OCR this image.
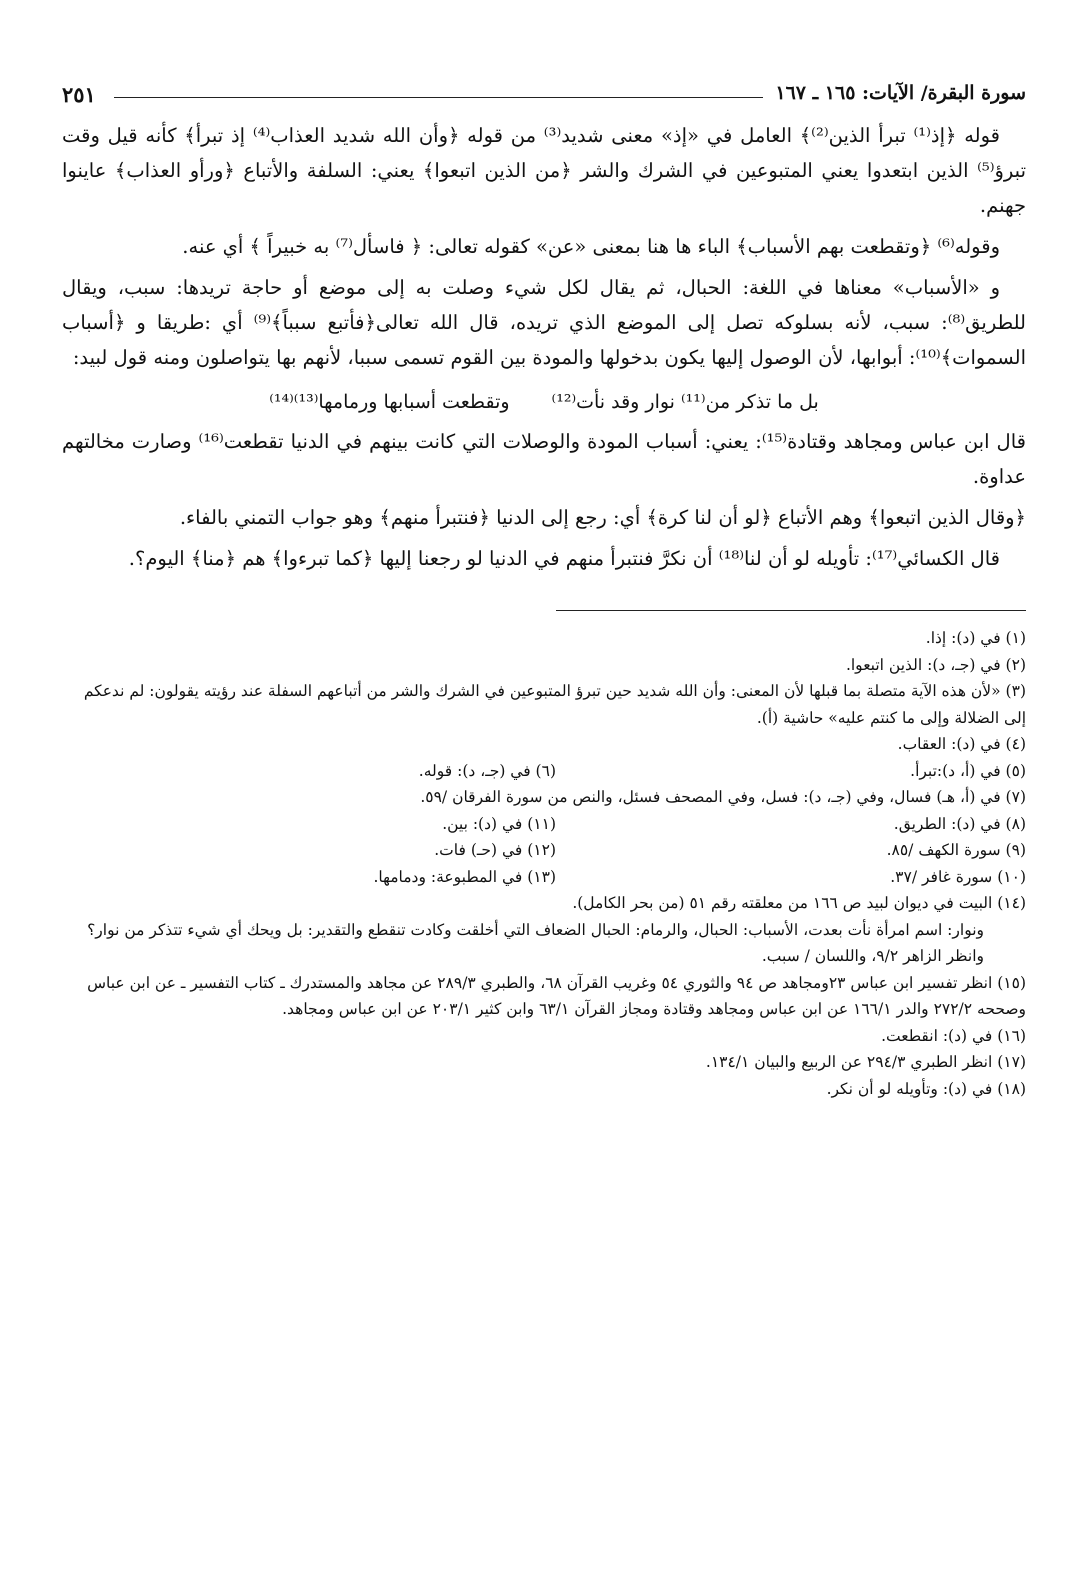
سورة البقرة/ الآيات: ١٦٥ ـ ١٦٧
٢٥١

قوله ﴿إذ⁽¹⁾ تبرأ الذين⁽²⁾﴾ العامل في «إذ» معنى شديد⁽³⁾ من قوله ﴿وأن الله شديد العذاب⁽⁴⁾ إذ تبرأ﴾ كأنه قيل وقت تبرؤ⁽⁵⁾ الذين ابتعدوا يعني المتبوعين في الشرك والشر ﴿من الذين اتبعوا﴾ يعني: السلفة والأتباع ﴿ورأو العذاب﴾ عاينوا جهنم.

وقوله⁽⁶⁾ ﴿وتقطعت بهم الأسباب﴾ الباء ها هنا بمعنى «عن» كقوله تعالى: ﴿ فاسأل⁽⁷⁾ به خبيراً ﴾ أي عنه.

و «الأسباب» معناها في اللغة: الحبال، ثم يقال لكل شيء وصلت به إلى موضع أو حاجة تريدها: سبب، ويقال للطريق⁽⁸⁾: سبب، لأنه بسلوكه تصل إلى الموضع الذي تريده، قال الله تعالى﴿فأتبع سبباً﴾⁽⁹⁾ أي :طريقا و ﴿أسباب السموات﴾⁽¹⁰⁾: أبوابها، لأن الوصول إليها يكون بدخولها والمودة بين القوم تسمى سببا، لأنهم بها يتواصلون ومنه قول لبيد:

بل ما تذكر من⁽¹¹⁾ نوار وقد نأت⁽¹²⁾
وتقطعت أسبابها ورمامها⁽¹³⁾⁽¹⁴⁾

قال ابن عباس ومجاهد وقتادة⁽¹⁵⁾: يعني: أسباب المودة والوصلات التي كانت بينهم في الدنيا تقطعت⁽¹⁶⁾ وصارت مخالتهم عداوة.

﴿وقال الذين اتبعوا﴾ وهم الأتباع ﴿لو أن لنا كرة﴾ أي: رجع إلى الدنيا ﴿فنتبرأ منهم﴾ وهو جواب التمني بالفاء.

قال الكسائي⁽¹⁷⁾: تأويله لو أن لنا⁽¹⁸⁾ أن نكرَّ فنتبرأ منهم في الدنيا لو رجعنا إليها ﴿كما تبرءوا﴾ هم ﴿منا﴾ اليوم؟.

(١) في (د): إذا.

(٢) في (جـ، د): الذين اتبعوا.

(٣) «لأن هذه الآية متصلة بما قبلها لأن المعنى: وأن الله شديد حين تبرؤ المتبوعين في الشرك والشر من أتباعهم السفلة عند رؤيته يقولون: لم ندعكم إلى الضلالة وإلى ما كنتم عليه» حاشية (أ).

(٤) في (د): العقاب.

(٥) في (أ، د):تبرأ.

(٦) في (جـ، د): قوله.

(٧) في (أ، هـ) فسال، وفي (جـ، د): فسل، وفي المصحف فسئل، والنص من سورة الفرقان /٥٩.

(٨) في (د): الطريق.

(١١) في (د): بين.

(٩) سورة الكهف /٨٥.

(١٢) في (حـ) فات.

(١٠) سورة غافر /٣٧.

(١٣) في المطبوعة: ودمامها.

(١٤) البيت في ديوان لبيد ص ١٦٦ من معلقته رقم ٥١ (من بحر الكامل).

ونوار: اسم امرأة نأت بعدت، الأسباب: الحبال، والرمام: الحبال الضعاف التي أخلقت وكادت تنقطع والتقدير: بل ويحك أي شيء تتذكر من نوار؟ وانظر الزاهر ٩/٢، واللسان / سبب.

(١٥) انظر تفسير ابن عباس ٢٣ومجاهد ص ٩٤ والثوري ٥٤ وغريب القرآن ٦٨، والطبري ٢٨٩/٣ عن مجاهد والمستدرك ـ كتاب التفسير ـ عن ابن عباس وصححه ٢٧٢/٢ والدر ١٦٦/١ عن ابن عباس ومجاهد وقتادة ومجاز القرآن ٦٣/١ وابن كثير ٢٠٣/١ عن ابن عباس ومجاهد.

(١٦) في (د): انقطعت.

(١٧) انظر الطبري ٢٩٤/٣ عن الربيع والبيان ١٣٤/١.

(١٨) في (د): وتأويله لو أن نكر.
